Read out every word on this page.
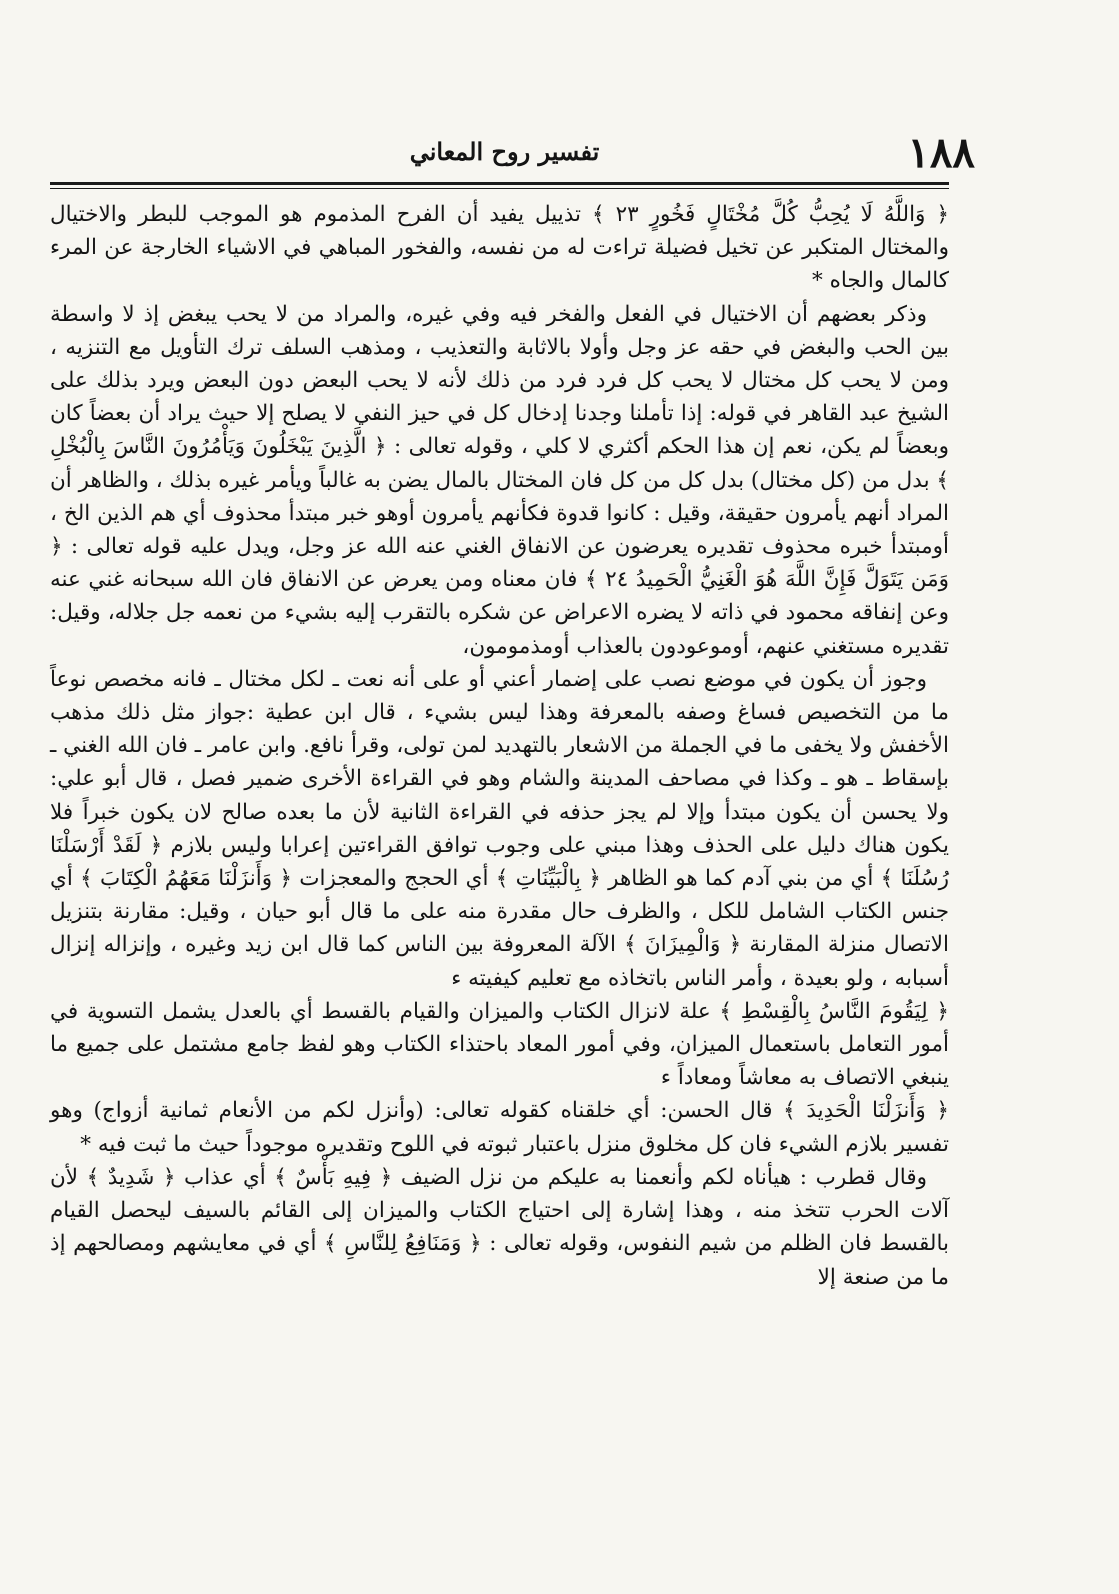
١٨٨
تفسير روح المعاني

﴿ وَاللَّهُ لَا يُحِبُّ كُلَّ مُخْتَالٍ فَخُورٍ ٢٣ ﴾ تذييل يفيد أن الفرح المذموم هو الموجب للبطر والاختيال والمختال المتكبر عن تخيل فضيلة تراءت له من نفسه، والفخور المباهي في الاشياء الخارجة عن المرء كالمال والجاه *

وذكر بعضهم أن الاختيال في الفعل والفخر فيه وفي غيره، والمراد من لا يحب يبغض إذ لا واسطة بين الحب والبغض في حقه عز وجل وأولا بالاثابة والتعذيب ، ومذهب السلف ترك التأويل مع التنزيه ، ومن لا يحب كل مختال لا يحب كل فرد فرد من ذلك لأنه لا يحب البعض دون البعض ويرد بذلك على الشيخ عبد القاهر في قوله: إذا تأملنا وجدنا إدخال كل في حيز النفي لا يصلح إلا حيث يراد أن بعضاً كان وبعضاً لم يكن، نعم إن هذا الحكم أكثري لا كلي ، وقوله تعالى : ﴿ الَّذِينَ يَبْخَلُونَ وَيَأْمُرُونَ النَّاسَ بِالْبُخْلِ ﴾ بدل من (كل مختال) بدل كل من كل فان المختال بالمال يضن به غالباً ويأمر غيره بذلك ، والظاهر أن المراد أنهم يأمرون حقيقة، وقيل : كانوا قدوة فكأنهم يأمرون أوهو خبر مبتدأ محذوف أي هم الذين الخ ، أومبتدأ خبره محذوف تقديره يعرضون عن الانفاق الغني عنه الله عز وجل، ويدل عليه قوله تعالى : ﴿ وَمَن يَتَوَلَّ فَإِنَّ اللَّهَ هُوَ الْغَنِيُّ الْحَمِيدُ ٢٤ ﴾ فان معناه ومن يعرض عن الانفاق فان الله سبحانه غني عنه وعن إنفاقه محمود في ذاته لا يضره الاعراض عن شكره بالتقرب إليه بشيء من نعمه جل جلاله، وقيل: تقديره مستغني عنهم، أوموعودون بالعذاب أومذمومون،

وجوز أن يكون في موضع نصب على إضمار أعني أو على أنه نعت ـ لكل مختال ـ فانه مخصص نوعاً ما من التخصيص فساغ وصفه بالمعرفة وهذا ليس بشيء ، قال ابن عطية :جواز مثل ذلك مذهب الأخفش ولا يخفى ما في الجملة من الاشعار بالتهديد لمن تولى، وقرأ نافع. وابن عامر ـ فان الله الغني ـ بإسقاط ـ هو ـ وكذا في مصاحف المدينة والشام وهو في القراءة الأخرى ضمير فصل ، قال أبو علي: ولا يحسن أن يكون مبتدأ وإلا لم يجز حذفه في القراءة الثانية لأن ما بعده صالح لان يكون خبراً فلا يكون هناك دليل على الحذف وهذا مبني على وجوب توافق القراءتين إعرابا وليس بلازم ﴿ لَقَدْ أَرْسَلْنَا رُسُلَنَا ﴾ أي من بني آدم كما هو الظاهر ﴿ بِالْبَيِّنَاتِ ﴾ أي الحجج والمعجزات ﴿ وَأَنزَلْنَا مَعَهُمُ الْكِتَابَ ﴾ أي جنس الكتاب الشامل للكل ، والظرف حال مقدرة منه على ما قال أبو حيان ، وقيل: مقارنة بتنزيل الاتصال منزلة المقارنة ﴿ وَالْمِيزَانَ ﴾ الآلة المعروفة بين الناس كما قال ابن زيد وغيره ، وإنزاله إنزال أسبابه ، ولو بعيدة ، وأمر الناس باتخاذه مع تعليم كيفيته ء

﴿ لِيَقُومَ النَّاسُ بِالْقِسْطِ ﴾ علة لانزال الكتاب والميزان والقيام بالقسط أي بالعدل يشمل التسوية في أمور التعامل باستعمال الميزان، وفي أمور المعاد باحتذاء الكتاب وهو لفظ جامع مشتمل على جميع ما ينبغي الاتصاف به معاشاً ومعاداً ء

﴿ وَأَنزَلْنَا الْحَدِيدَ ﴾ قال الحسن: أي خلقناه كقوله تعالى: (وأنزل لكم من الأنعام ثمانية أزواج) وهو تفسير بلازم الشيء فان كل مخلوق منزل باعتبار ثبوته في اللوح وتقديره موجوداً حيث ما ثبت فيه *

وقال قطرب : هيأناه لكم وأنعمنا به عليكم من نزل الضيف ﴿ فِيهِ بَأْسٌ ﴾ أي عذاب ﴿ شَدِيدٌ ﴾ لأن آلات الحرب تتخذ منه ، وهذا إشارة إلى احتياج الكتاب والميزان إلى القائم بالسيف ليحصل القيام بالقسط فان الظلم من شيم النفوس، وقوله تعالى : ﴿ وَمَنَافِعُ لِلنَّاسِ ﴾ أي في معايشهم ومصالحهم إذ ما من صنعة إلا
